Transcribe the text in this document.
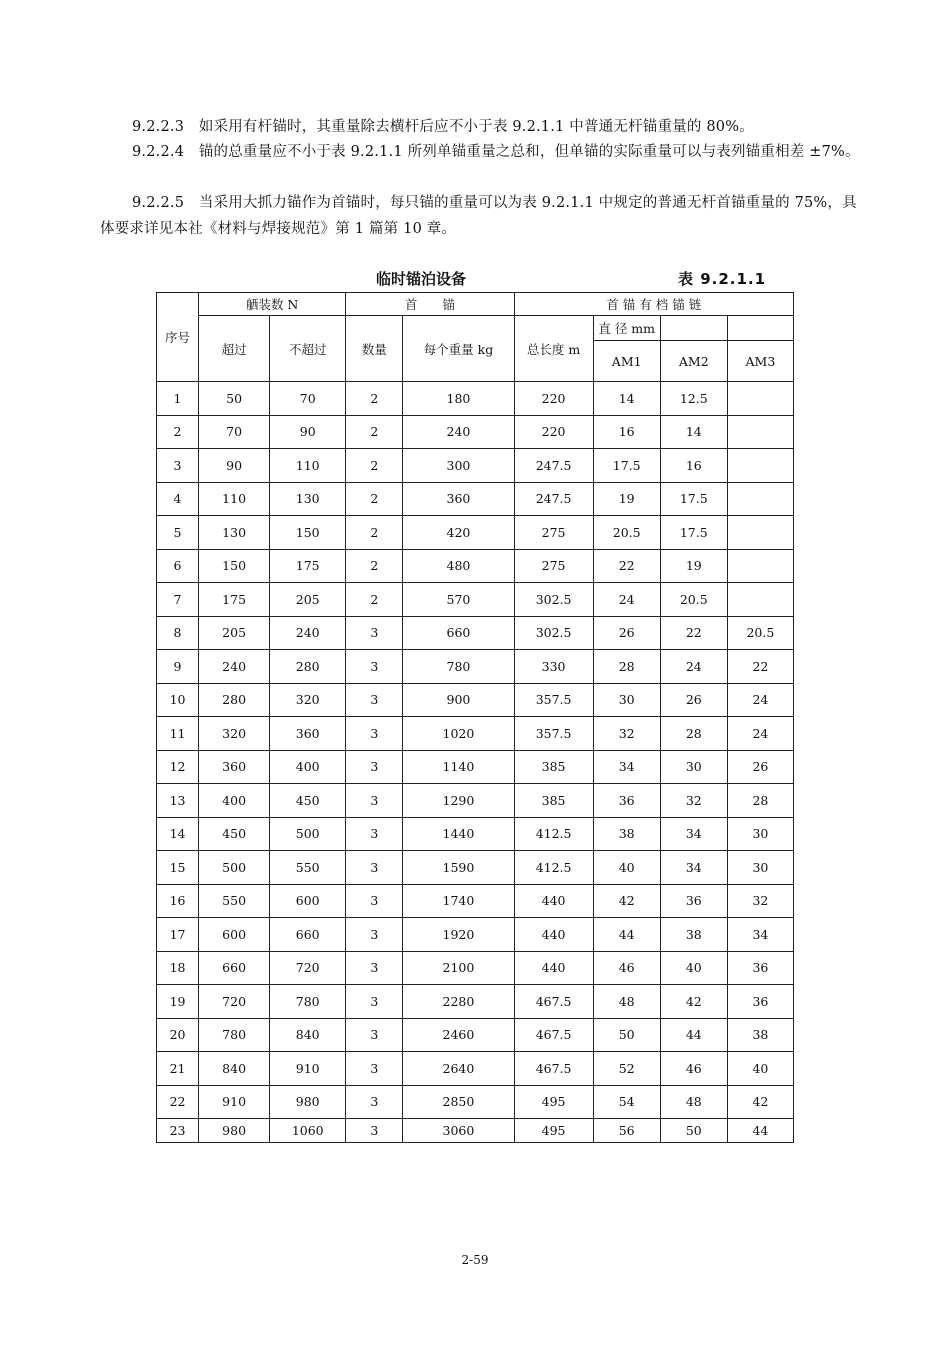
9.2.2.3　如采用有杆锚时，其重量除去横杆后应不小于表 9.2.1.1 中普通无杆锚重量的 80%。

9.2.2.4　锚的总重量应不小于表 9.2.1.1 所列单锚重量之总和，但单锚的实际重量可以与表列锚重相差 ±7%。

9.2.2.5　当采用大抓力锚作为首锚时，每只锚的重量可以为表 9.2.1.1 中规定的普通无杆首锚重量的 75%，具体要求详见本社《材料与焊接规范》第 1 篇第 10 章。

临时锚泊设备	表 9.2.1.1
序号	舾装数 N		首　　锚		首 锚 有 档 锚 链			
	超过	不超过	数量	每个重量 kg	总长度 m	直 径 mm		
						AM1	AM2	AM3
1	50	70	2	180	220	14	12.5	
2	70	90	2	240	220	16	14	
3	90	110	2	300	247.5	17.5	16	
4	110	130	2	360	247.5	19	17.5	
5	130	150	2	420	275	20.5	17.5	
6	150	175	2	480	275	22	19	
7	175	205	2	570	302.5	24	20.5	
8	205	240	3	660	302.5	26	22	20.5
9	240	280	3	780	330	28	24	22
10	280	320	3	900	357.5	30	26	24
11	320	360	3	1020	357.5	32	28	24
12	360	400	3	1140	385	34	30	26
13	400	450	3	1290	385	36	32	28
14	450	500	3	1440	412.5	38	34	30
15	500	550	3	1590	412.5	40	34	30
16	550	600	3	1740	440	42	36	32
17	600	660	3	1920	440	44	38	34
18	660	720	3	2100	440	46	40	36
19	720	780	3	2280	467.5	48	42	36
20	780	840	3	2460	467.5	50	44	38
21	840	910	3	2640	467.5	52	46	40
22	910	980	3	2850	495	54	48	42
23	980	1060	3	3060	495	56	50	44
2-59
